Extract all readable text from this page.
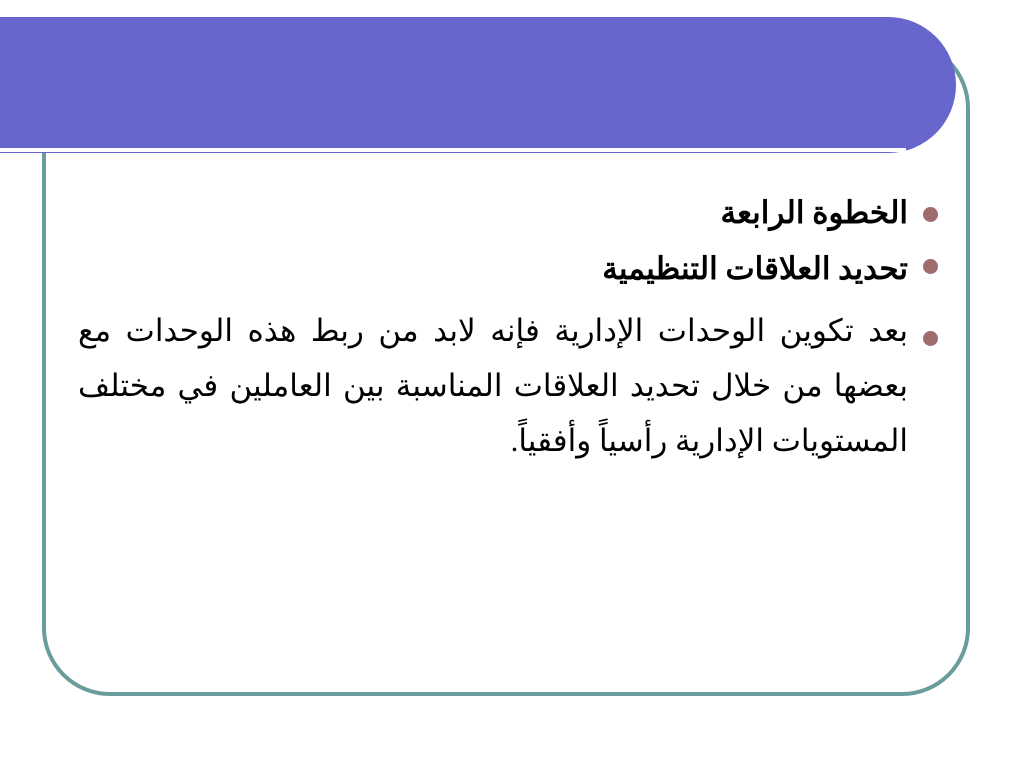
الخطوة الرابعة
تحديد العلاقات التنظيمية
بعد تكوين الوحدات الإدارية فإنه لابد من ربط هذه الوحدات مع بعضها من خلال تحديد العلاقات المناسبة بين العاملين في مختلف المستويات الإدارية رأسياً وأفقياً.
